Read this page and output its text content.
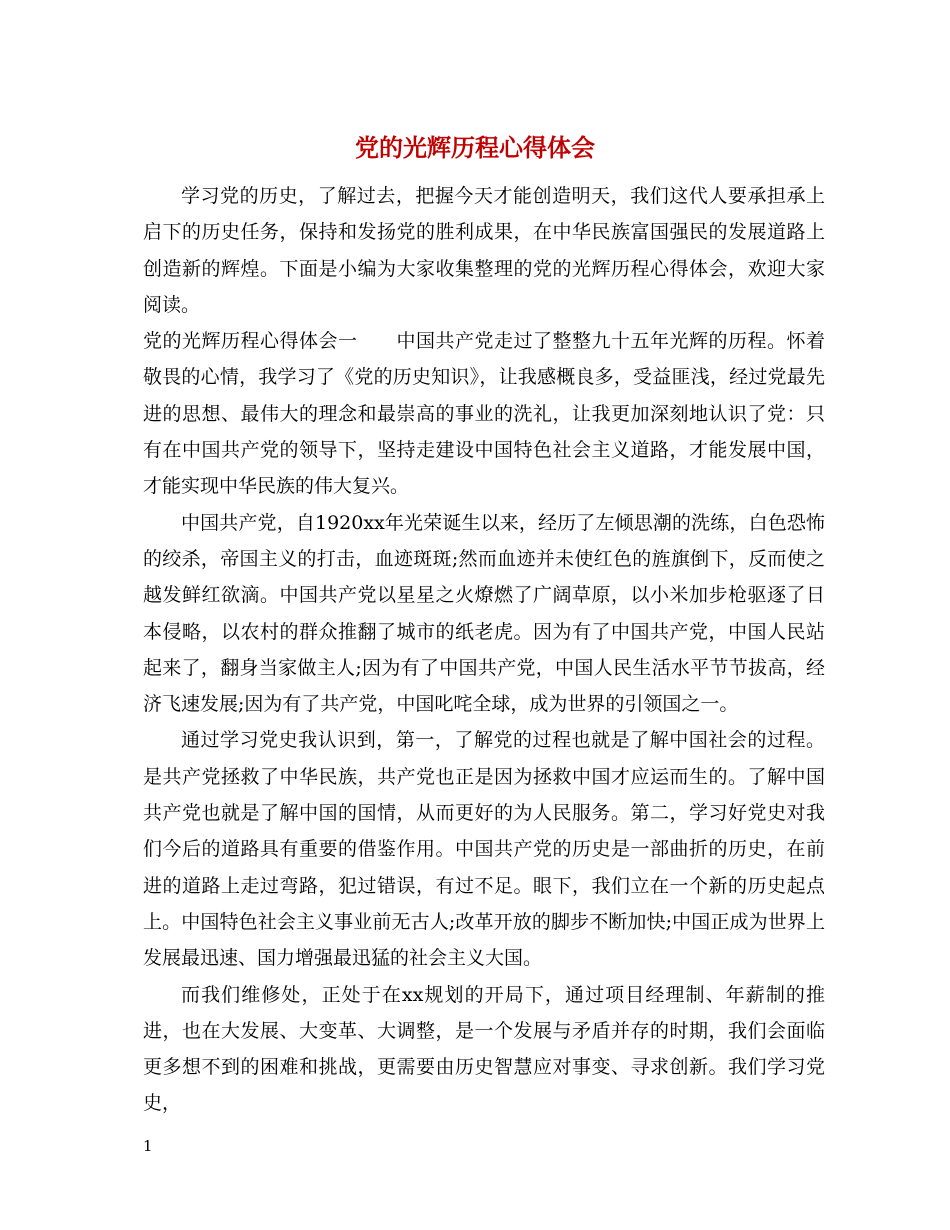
党的光辉历程心得体会

学习党的历史，了解过去，把握今天才能创造明天，我们这代人要承担承上启下的历史任务，保持和发扬党的胜利成果，在中华民族富国强民的发展道路上创造新的辉煌。下面是小编为大家收集整理的党的光辉历程心得体会，欢迎大家阅读。

党的光辉历程心得体会一　　中国共产党走过了整整九十五年光辉的历程。怀着敬畏的心情，我学习了《党的历史知识》，让我感概良多，受益匪浅，经过党最先进的思想、最伟大的理念和最崇高的事业的洗礼，让我更加深刻地认识了党：只有在中国共产党的领导下，坚持走建设中国特色社会主义道路，才能发展中国，才能实现中华民族的伟大复兴。

中国共产党，自1920xx年光荣诞生以来，经历了左倾思潮的洗练，白色恐怖的绞杀，帝国主义的打击，血迹斑斑;然而血迹并未使红色的旌旗倒下，反而使之越发鲜红欲滴。中国共产党以星星之火燎燃了广阔草原，以小米加步枪驱逐了日本侵略，以农村的群众推翻了城市的纸老虎。因为有了中国共产党，中国人民站起来了，翻身当家做主人;因为有了中国共产党，中国人民生活水平节节拔高，经济飞速发展;因为有了共产党，中国叱咤全球，成为世界的引领国之一。

通过学习党史我认识到，第一，了解党的过程也就是了解中国社会的过程。是共产党拯救了中华民族，共产党也正是因为拯救中国才应运而生的。了解中国共产党也就是了解中国的国情，从而更好的为人民服务。第二，学习好党史对我们今后的道路具有重要的借鉴作用。中国共产党的历史是一部曲折的历史，在前进的道路上走过弯路，犯过错误，有过不足。眼下，我们立在一个新的历史起点上。中国特色社会主义事业前无古人;改革开放的脚步不断加快;中国正成为世界上发展最迅速、国力增强最迅猛的社会主义大国。

而我们维修处，正处于在xx规划的开局下，通过项目经理制、年薪制的推进，也在大发展、大变革、大调整，是一个发展与矛盾并存的时期，我们会面临更多想不到的困难和挑战，更需要由历史智慧应对事变、寻求创新。我们学习党史，

1
